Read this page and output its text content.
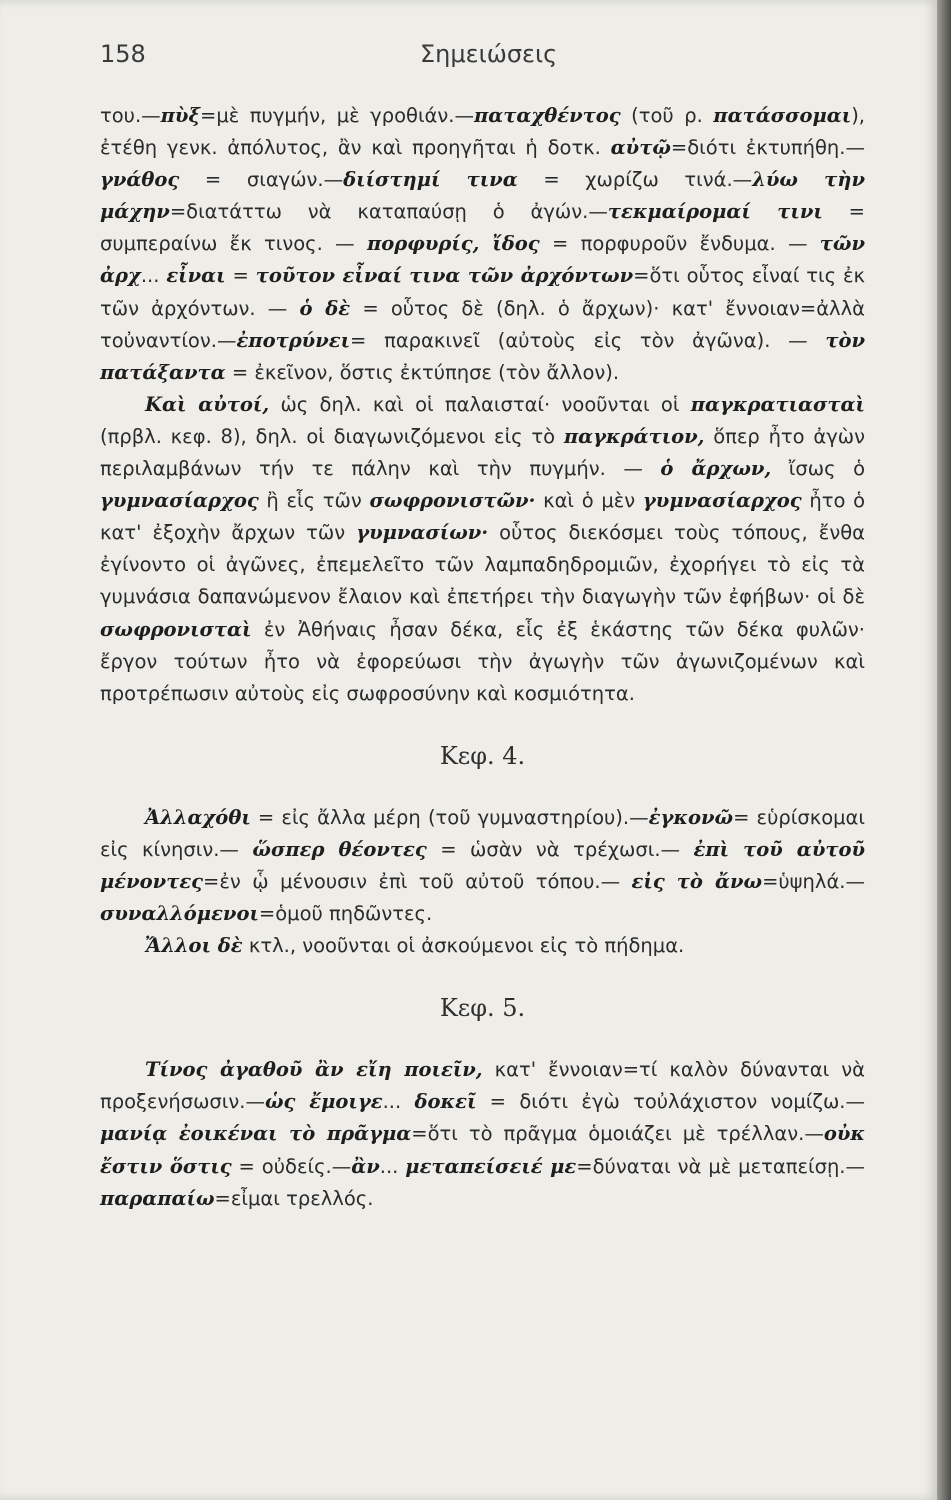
158	Σημειώσεις

του.—πὺξ=μὲ πυγμήν, μὲ γροθιάν.—παταχθέντος (τοῦ ρ. πατάσσομαι), ἐτέθη γενκ. ἀπόλυτος, ἂν καὶ προηγῆται ἡ δοτκ. αὐτῷ=διότι ἐκτυπήθη.—γνάθος = σιαγών.—διίστημί τινα = χωρίζω τινά.—λύω τὴν μάχην=διατάττω νὰ καταπαύσῃ ὁ ἀγών.—τεκμαίρομαί τινι = συμπεραίνω ἔκ τινος. — πορφυρίς, ἴδος = πορφυροῦν ἔνδυμα. — τῶν ἀρχ... εἶναι = τοῦτον εἶναί τινα τῶν ἀρχόντων=ὅτι οὗτος εἶναί τις ἐκ τῶν ἀρχόντων. — ὁ δὲ = οὗτος δὲ (δηλ. ὁ ἄρχων)· κατ' ἔννοιαν=ἀλλὰ τοὐναντίον.—ἐποτρύνει= παρακινεῖ (αὐτοὺς εἰς τὸν ἀγῶνα). — τὸν πατάξαντα = ἐκεῖνον, ὅστις ἐκτύπησε (τὸν ἄλλον).

Καὶ αὐτοί, ὡς δηλ. καὶ οἱ παλαισταί· νοοῦνται οἱ παγκρατιασταὶ (πρβλ. κεφ. 8), δηλ. οἱ διαγωνιζόμενοι εἰς τὸ παγκράτιον, ὅπερ ἦτο ἀγὼν περιλαμβάνων τήν τε πάλην καὶ τὴν πυγμήν. — ὁ ἄρχων, ἴσως ὁ γυμνασίαρχος ἢ εἷς τῶν σωφρονιστῶν· καὶ ὁ μὲν γυμνασίαρχος ἦτο ὁ κατ' ἐξοχὴν ἄρχων τῶν γυμνασίων· οὗτος διεκόσμει τοὺς τόπους, ἔνθα ἐγίνοντο οἱ ἀγῶνες, ἐπεμελεῖτο τῶν λαμπαδηδρομιῶν, ἐχορήγει τὸ εἰς τὰ γυμνάσια δαπανώμενον ἔλαιον καὶ ἐπετήρει τὴν διαγωγὴν τῶν ἐφήβων· οἱ δὲ σωφρονισταὶ ἐν Ἀθήναις ἦσαν δέκα, εἷς ἐξ ἑκάστης τῶν δέκα φυλῶν· ἔργον τούτων ἦτο νὰ ἐφορεύωσι τὴν ἀγωγὴν τῶν ἀγωνιζομένων καὶ προτρέπωσιν αὐτοὺς εἰς σωφροσύνην καὶ κοσμιότητα.

Κεφ. 4.

Ἀλλαχόθι = εἰς ἄλλα μέρη (τοῦ γυμναστηρίου).—ἐγκονῶ= εὑρίσκομαι εἰς κίνησιν.— ὥσπερ θέοντες = ὡσὰν νὰ τρέχωσι.— ἐπὶ τοῦ αὐτοῦ μένοντες=ἐν ᾧ μένουσιν ἐπὶ τοῦ αὐτοῦ τόπου.— εἰς τὸ ἄνω=ὑψηλά.—συναλλόμενοι=ὁμοῦ πηδῶντες.

Ἄλλοι δὲ κτλ., νοοῦνται οἱ ἀσκούμενοι εἰς τὸ πήδημα.

Κεφ. 5.

Τίνος ἀγαθοῦ ἂν εἴη ποιεῖν, κατ' ἔννοιαν=τί καλὸν δύνανται νὰ προξενήσωσιν.—ὡς ἔμοιγε... δοκεῖ = διότι ἐγὼ τοὐλάχιστον νομίζω.—μανίᾳ ἐοικέναι τὸ πρᾶγμα=ὅτι τὸ πρᾶγμα ὁμοιάζει μὲ τρέλλαν.—οὐκ ἔστιν ὅστις = οὐδείς.—ἂν... μεταπείσειέ με=δύναται νὰ μὲ μεταπείσῃ.—παραπαίω=εἶμαι τρελλός.
